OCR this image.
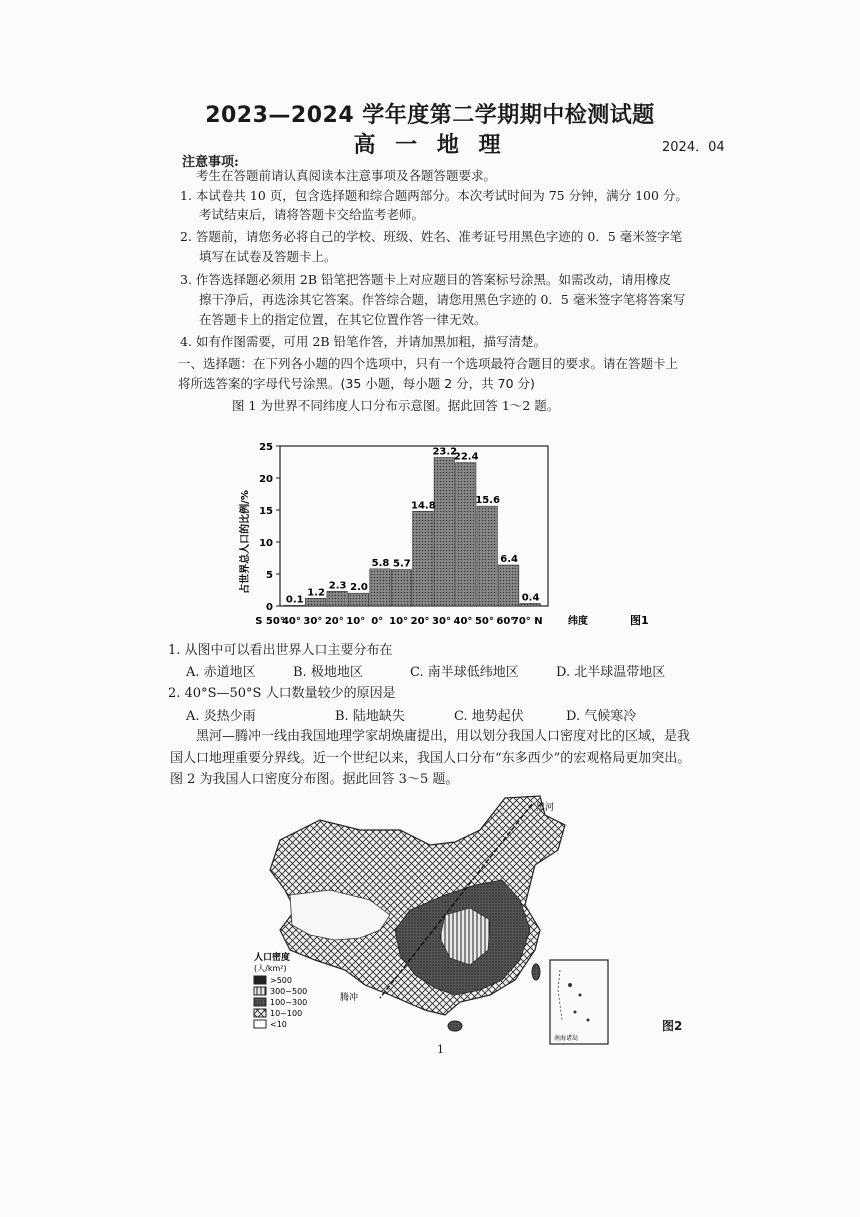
2023—2024 学年度第二学期期中检测试题
高 一 地 理	2024．04
注意事项:
考生在答题前请认真阅读本注意事项及各题答题要求。
1. 本试卷共 10 页，包含选择题和综合题两部分。本次考试时间为 75 分钟，满分 100 分。
考试结束后，请将答题卡交给监考老师。
2. 答题前，请您务必将自己的学校、班级、姓名、准考证号用黑色字迹的 0．5 毫米签字笔
填写在试卷及答题卡上。
3. 作答选择题必须用 2B 铅笔把答题卡上对应题目的答案标号涂黑。如需改动，请用橡皮
擦干净后，再选涂其它答案。作答综合题，请您用黑色字迹的 0．5 毫米签字笔将答案写
在答题卡上的指定位置，在其它位置作答一律无效。
4. 如有作图需要，可用 2B 铅笔作答，并请加黑加粗，描写清楚。
一、选择题：在下列各小题的四个选项中，只有一个选项最符合题目的要求。请在答题卡上
将所选答案的字母代号涂黑。(35 小题，每小题 2 分，共 70 分)
图 1 为世界不同纬度人口分布示意图。据此回答 1～2 题。
占世界总人口的比例/%
0
5
10
15
20
25
0.1
1.2
2.3 2.0
5.8 5.7
14.8
23.2
22.4
15.6
6.4
0.4
S 50°
40° 30° 20° 10° 0° 10° 20° 30° 40° 50° 60°
70° N	纬度	图1
1. 从图中可以看出世界人口主要分布在
A. 赤道地区	B. 极地地区	C. 南半球低纬地区	D. 北半球温带地区
2. 40°S—50°S 人口数量较少的原因是
A. 炎热少雨	B. 陆地缺失	C. 地势起伏	D. 气候寒冷
黑河—腾冲一线由我国地理学家胡焕庸提出，用以划分我国人口密度对比的区域，是我
国人口地理重要分界线。近一个世纪以来，我国人口分布“东多西少”的宏观格局更加突出。
图 2 为我国人口密度分布图。据此回答 3～5 题。
黑河
腾冲
人口密度
(人/km²)
>500
300~500
100~300
10~100
<10
南海诸岛
图2
1
